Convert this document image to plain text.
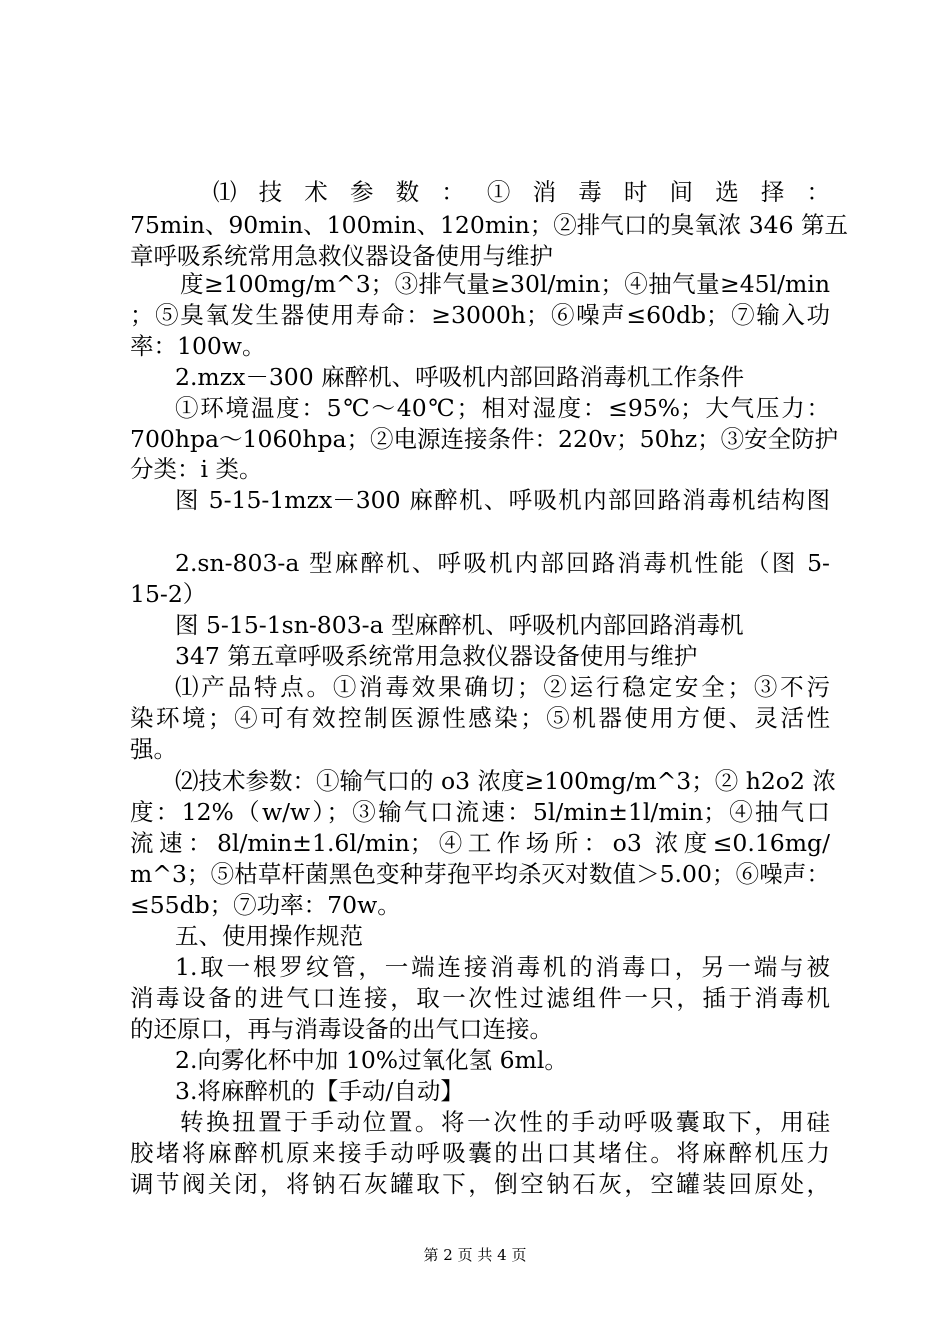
⑴ 技 术 参 数 ： ① 消 毒 时 间 选 择 ：
75min、90min、100min、120min；②排气口的臭氧浓 346 第五
章呼吸系统常用急救仪器设备使用与维护
度≥100mg/m^3；③排气量≥30l/min；④抽气量≥45l/min
；⑤臭氧发生器使用寿命：≥3000h；⑥噪声≤60db；⑦输入功
率：100w。
2.mzx－300 麻醉机、呼吸机内部回路消毒机工作条件
①环境温度：5℃～40℃；相对湿度：≤95%；大气压力：
700hpa～1060hpa；②电源连接条件：220v；50hz；③安全防护
分类：i 类。
图 5-15-1mzx－300 麻醉机、呼吸机内部回路消毒机结构图
2.sn-803-a 型麻醉机、呼吸机内部回路消毒机性能（图 5-
15-2）
图 5-15-1sn-803-a 型麻醉机、呼吸机内部回路消毒机
347 第五章呼吸系统常用急救仪器设备使用与维护
⑴产品特点。①消毒效果确切；②运行稳定安全；③不污
染环境；④可有效控制医源性感染；⑤机器使用方便、灵活性
强。
⑵技术参数：①输气口的 o3 浓度≥100mg/m^3；② h2o2 浓
度：12%（w/w）；③输气口流速：5l/min±1l/min；④抽气口
流速：8l/min±1.6l/min；④工作场所：o3 浓度≤0.16mg/
m^3；⑤枯草杆菌黑色变种芽孢平均杀灭对数值＞5.00；⑥噪声：
≤55db；⑦功率：70w。
五、使用操作规范
1.取一根罗纹管，一端连接消毒机的消毒口，另一端与被
消毒设备的进气口连接，取一次性过滤组件一只，插于消毒机
的还原口，再与消毒设备的出气口连接。
2.向雾化杯中加 10%过氧化氢 6ml。
3.将麻醉机的【手动/自动】
转换扭置于手动位置。将一次性的手动呼吸囊取下，用硅
胶堵将麻醉机原来接手动呼吸囊的出口其堵住。将麻醉机压力
调节阀关闭，将钠石灰罐取下，倒空钠石灰，空罐装回原处，
第 2 页 共 4 页
